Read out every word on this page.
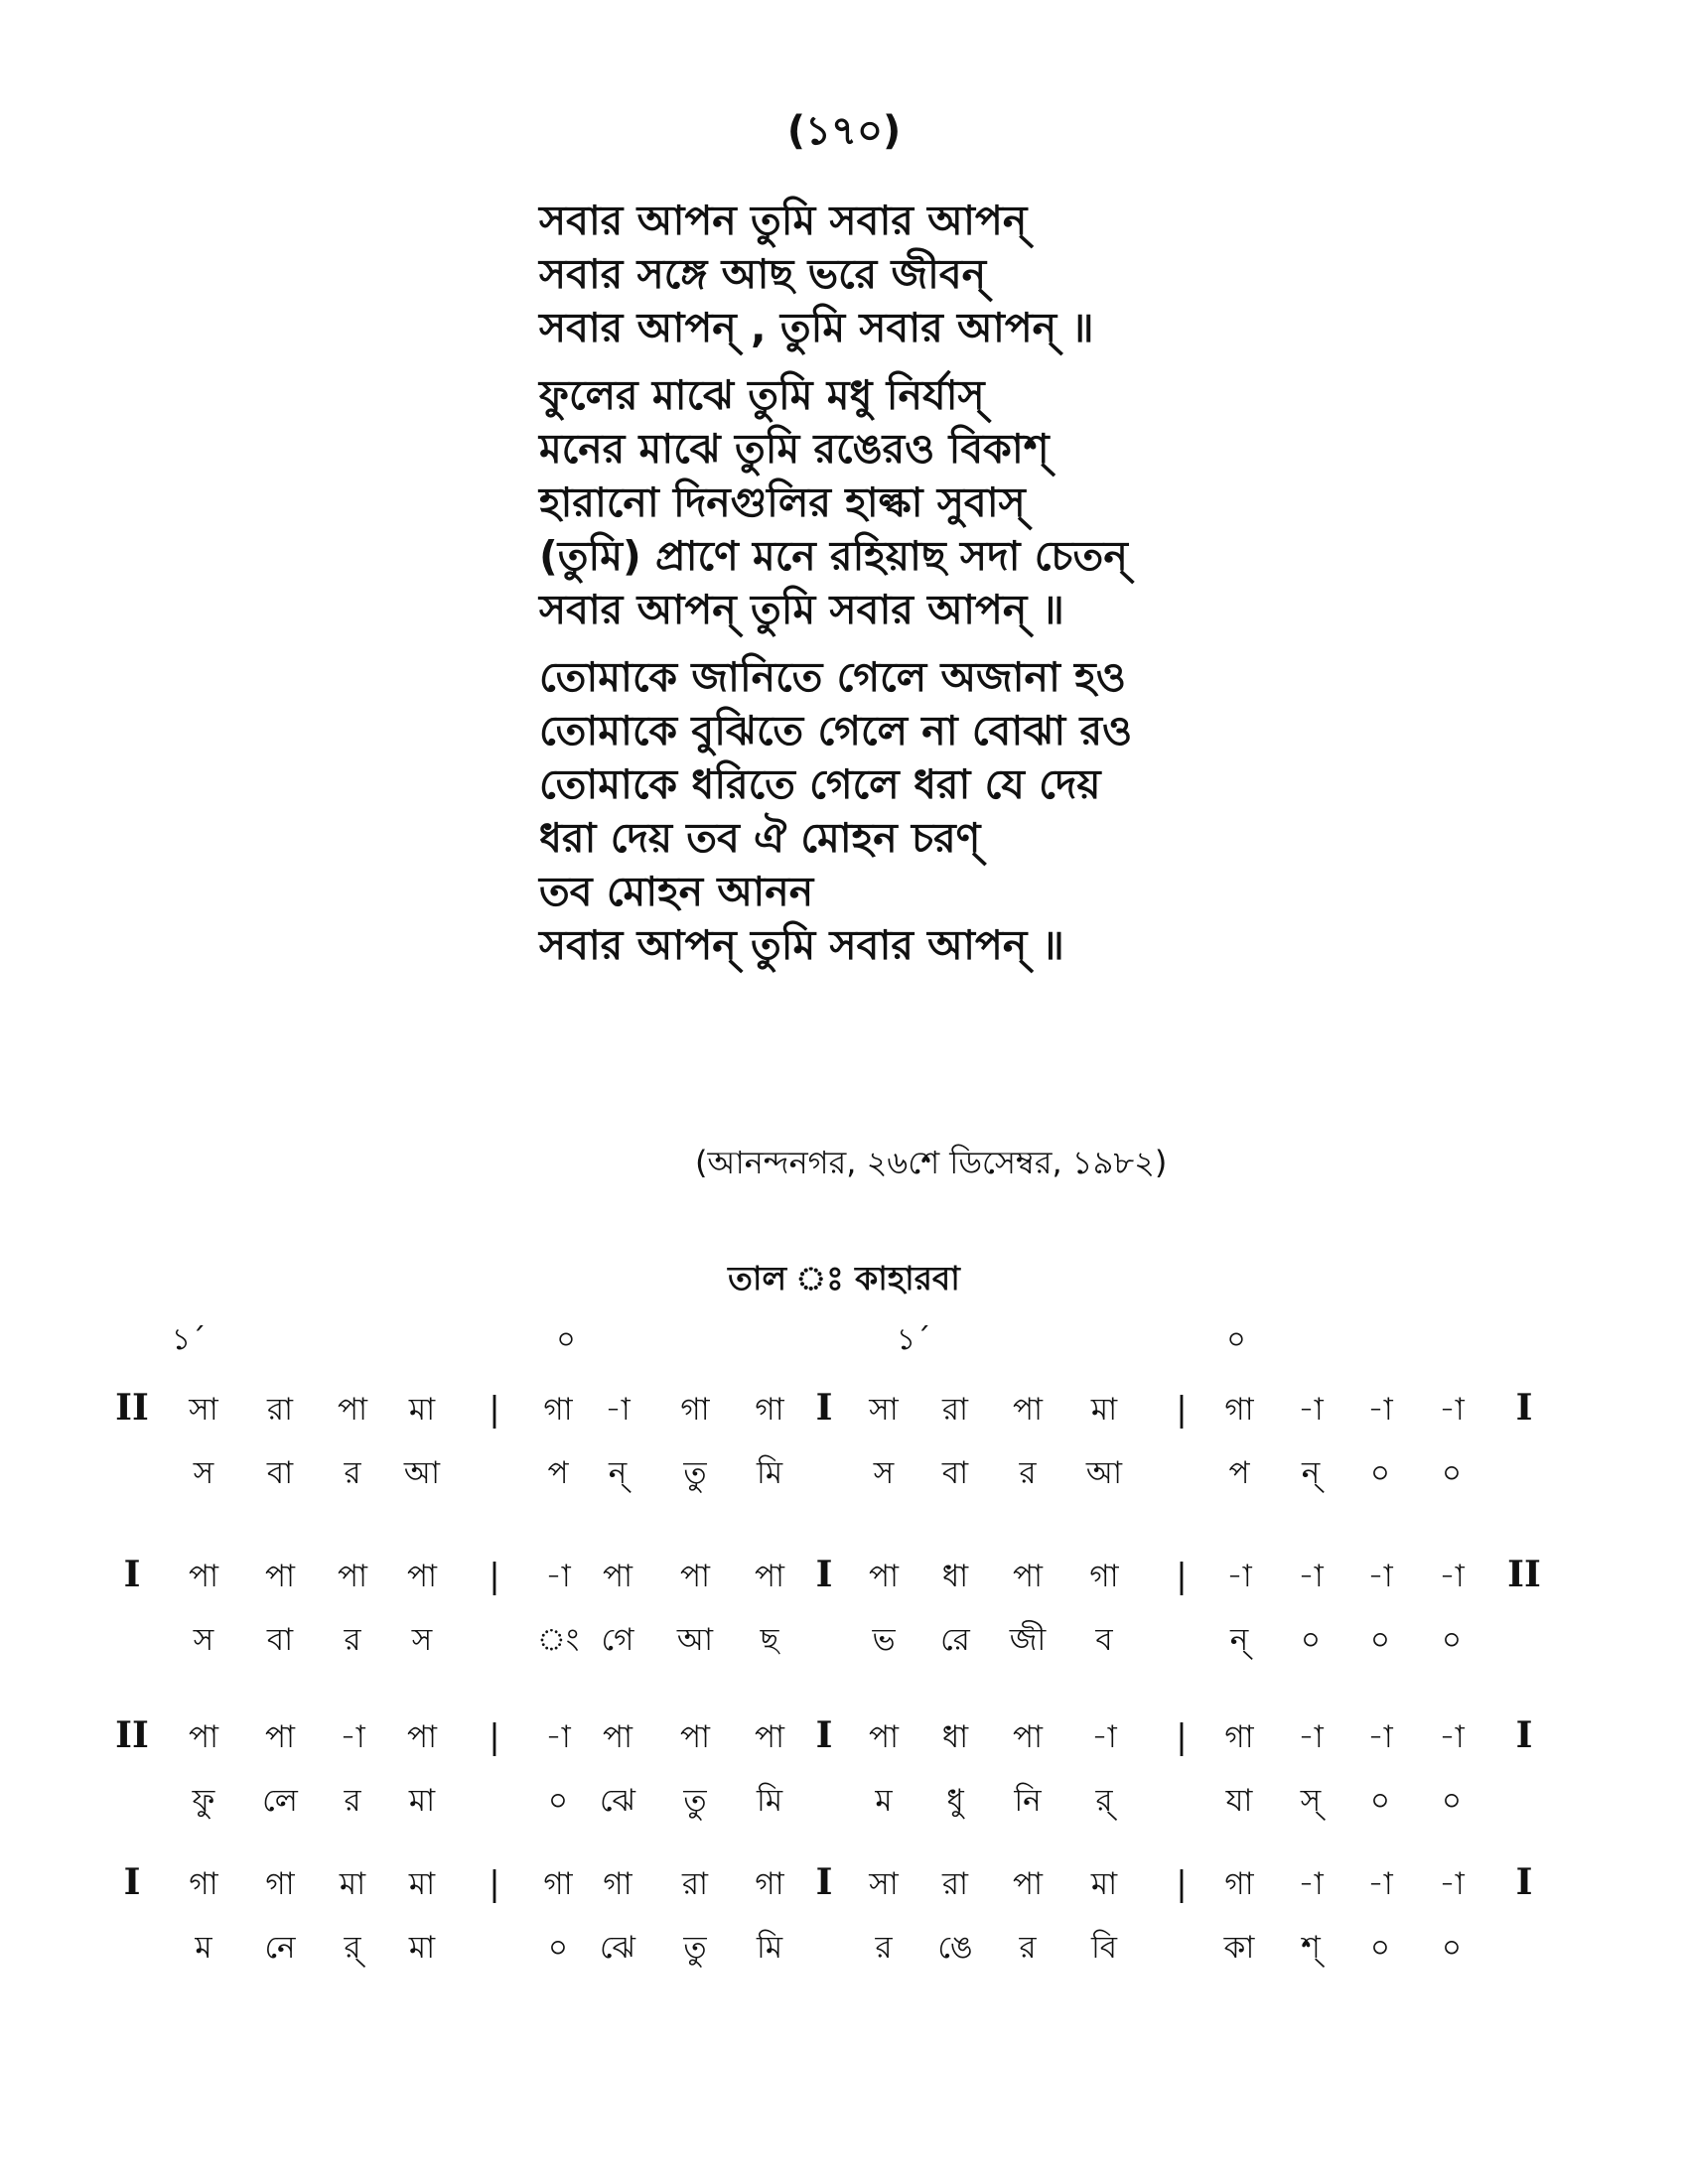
(১৭০)
সবার আপন তুমি সবার আপন্
সবার সঙ্গে আছ ভরে জীবন্
সবার আপন্ , তুমি সবার আপন্ ॥
ফুলের মাঝে তুমি মধু নির্যাস্
মনের মাঝে তুমি রঙেরও বিকাশ্
হারানো দিনগুলির হাল্কা সুবাস্
(তুমি) প্রাণে মনে রহিয়াছ সদা চেতন্
সবার আপন্ তুমি সবার আপন্ ॥
তোমাকে জানিতে গেলে অজানা হও
তোমাকে বুঝিতে গেলে না বোঝা রও
তোমাকে ধরিতে গেলে ধরা যে দেয়
ধরা দেয় তব ঐ মোহন চরণ্
তব মোহন আনন
সবার আপন্ তুমি সবার আপন্ ॥
(আনন্দনগর, ২৬শে ডিসেম্বর, ১৯৮২)
তাল ঃ কাহারবা
১´	০	১´	০
II	|	I	|	I
সা রা পা মা	গা -া গা গা	সা রা পা মা	গা -া -া -া
স বা র আ	প ন্ তু মি	স বা র আ	প ন্ ০ ০
I	|	I	|	II
পা পা পা পা	-া পা পা পা	পা ধা পা গা	-া -া -া -া
স বা র স	ং গে আ ছ	ভ রে জী ব	ন্ ০ ০ ০
II	|	I	|	I
পা পা -া পা	-া পা পা পা	পা ধা পা -া	গা -া -া -া
ফু লে র মা	০ ঝে তু মি	ম ধু নি র্	যা স্ ০ ০
I	|	I	|	I
গা গা মা মা	গা গা রা গা	সা রা পা মা	গা -া -া -া
ম নে র্ মা	০ ঝে তু মি	র ঙে র বি	কা শ্ ০ ০
